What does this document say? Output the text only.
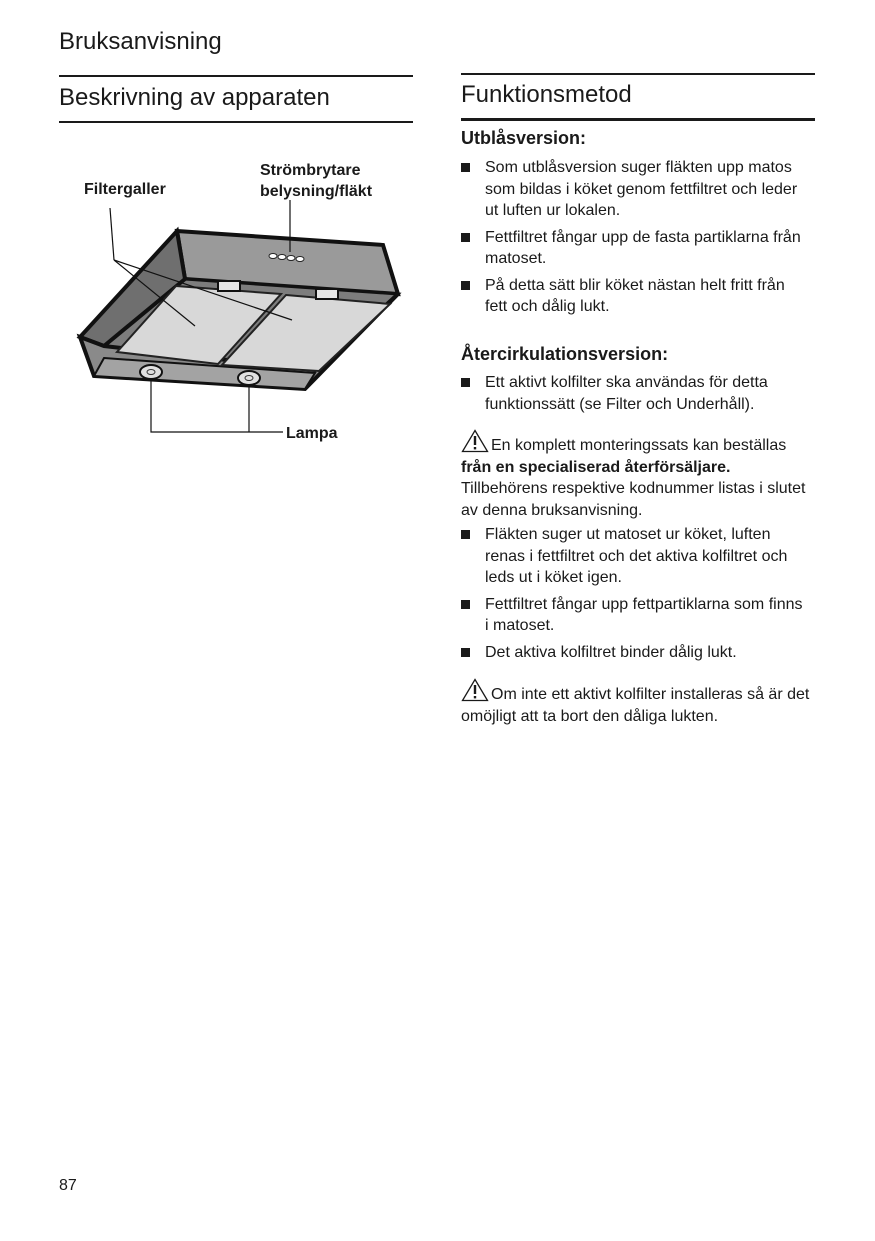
Bruksanvisning
Beskrivning av apparaten
Filtergaller
Strömbrytare
belysning/fläkt
Lampa
Funktionsmetod
Utblåsversion:
Som utblåsversion suger fläkten upp matos som bildas i köket genom fettfiltret och leder ut luften ur lokalen.
Fettfiltret fångar upp de fasta partiklarna från matoset.
På detta sätt blir köket nästan helt fritt från fett och dålig lukt.
Återcirkulationsversion:
Ett aktivt kolfilter ska användas för detta funktionssätt (se Filter och Underhåll).
En komplett monteringssats kan beställas från en specialiserad återförsäljare. Tillbehörens respektive kodnummer listas i slutet av denna bruksanvisning.
Fläkten suger ut matoset ur köket, luften renas i fettfiltret och det aktiva kolfiltret och leds ut i köket igen.
Fettfiltret fångar upp fettpartiklarna som finns i matoset.
Det aktiva kolfiltret binder dålig lukt.
Om inte ett aktivt kolfilter installeras så är det omöjligt att ta bort den dåliga lukten.
87
